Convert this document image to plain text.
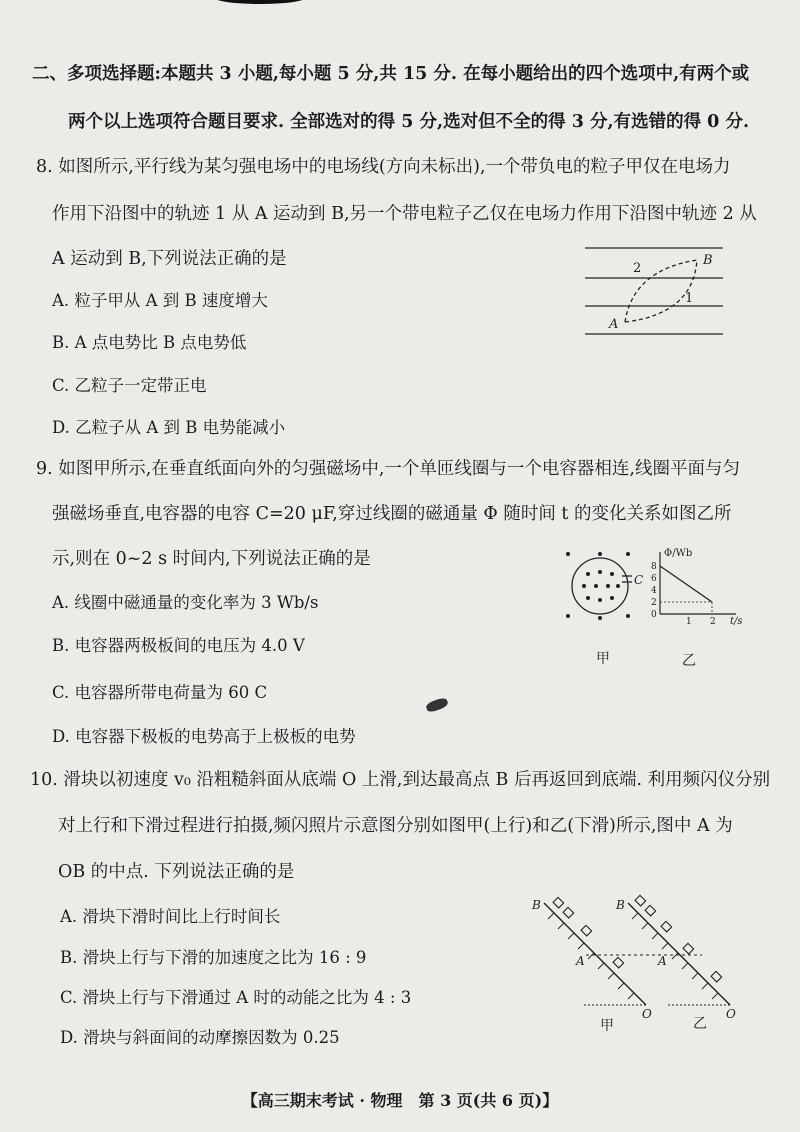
二、多项选择题:本题共 3 小题,每小题 5 分,共 15 分. 在每小题给出的四个选项中,有两个或
两个以上选项符合题目要求. 全部选对的得 5 分,选对但不全的得 3 分,有选错的得 0 分.
8. 如图所示,平行线为某匀强电场中的电场线(方向未标出),一个带负电的粒子甲仅在电场力
作用下沿图中的轨迹 1 从 A 运动到 B,另一个带电粒子乙仅在电场力作用下沿图中轨迹 2 从
A 运动到 B,下列说法正确的是
A. 粒子甲从 A 到 B 速度增大
B. A 点电势比 B 点电势低
C. 乙粒子一定带正电
D. 乙粒子从 A 到 B 电势能减小
2
1
A
B
9. 如图甲所示,在垂直纸面向外的匀强磁场中,一个单匝线圈与一个电容器相连,线圈平面与匀
强磁场垂直,电容器的电容 C=20 μF,穿过线圈的磁通量 Φ 随时间 t 的变化关系如图乙所
示,则在 0~2 s 时间内,下列说法正确的是
A. 线圈中磁通量的变化率为 3 Wb/s
B. 电容器两极板间的电压为 4.0 V
C. 电容器所带电荷量为 60 C
D. 电容器下极板的电势高于上极板的电势
C
甲
Φ/Wb
t/s
8
6
4
2
0
1 2
乙
10. 滑块以初速度 v₀ 沿粗糙斜面从底端 O 上滑,到达最高点 B 后再返回到底端. 利用频闪仪分别
对上行和下滑过程进行拍摄,频闪照片示意图分别如图甲(上行)和乙(下滑)所示,图中 A 为
OB 的中点. 下列说法正确的是
A. 滑块下滑时间比上行时间长
B. 滑块上行与下滑的加速度之比为 16 : 9
C. 滑块上行与下滑通过 A 时的动能之比为 4 : 3
D. 滑块与斜面间的动摩擦因数为 0.25
B
A
O
甲
B
A
O
乙
【高三期末考试 · 物理　第 3 页(共 6 页)】
